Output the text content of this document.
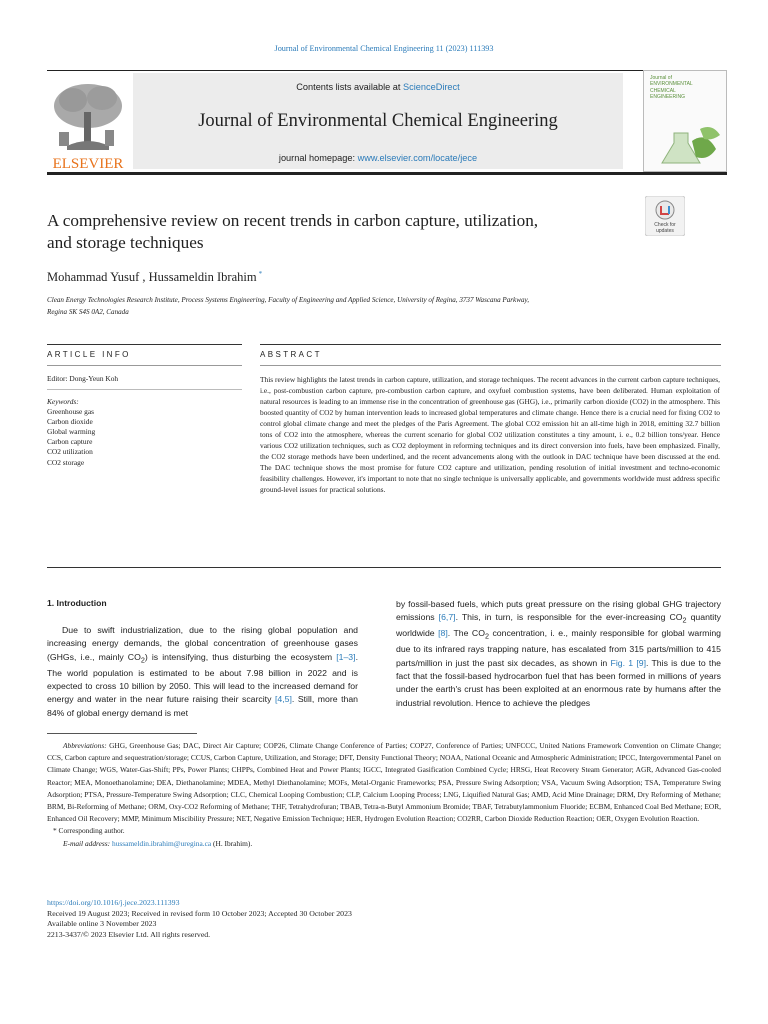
Journal of Environmental Chemical Engineering 11 (2023) 111393
ELSEVIER
Contents lists available at ScienceDirect
Journal of Environmental Chemical Engineering
journal homepage: www.elsevier.com/locate/jece
Journal of
ENVIRONMENTAL
CHEMICAL
ENGINEERING
A comprehensive review on recent trends in carbon capture, utilization,
and storage techniques
Check for
updates
Mohammad Yusuf , Hussameldin Ibrahim *
Clean Energy Technologies Research Institute, Process Systems Engineering, Faculty of Engineering and Applied Science, University of Regina, 3737 Wascana Parkway,
Regina SK S4S 0A2, Canada
ARTICLE INFO	ABSTRACT
Editor: Dong-Yeun Koh
Keywords:
Greenhouse gas
Carbon dioxide
Global warming
Carbon capture
CO2 utilization
CO2 storage
This review highlights the latest trends in carbon capture, utilization, and storage techniques. The recent advances in the current carbon capture techniques, i.e., post-combustion carbon capture, pre-combustion carbon capture, and oxyfuel combustion systems, have been deliberated. Human exploitation of natural resources is leading to an immense rise in the concentration of greenhouse gas (GHG), i.e., primarily carbon dioxide (CO2) in the atmosphere. This boosted quantity of CO2 by human intervention leads to increased global temperatures and climate change. Hence there is a crucial need for fixing CO2 to control global climate change and meet the pledges of the Paris Agreement. The global CO2 emission hit an all-time high in 2018, emitting 32.7 billion tons of CO2 into the atmosphere, whereas the current scenario for global CO2 utilization constitutes a tiny amount, i. e., 0.2 billion tons/year. Hence various CO2 utilization techniques, such as CO2 deployment in reforming techniques and its direct conversion into fuels, have been emphasized. Finally, the CO2 storage methods have been underlined, and the recent advancements along with the outlook in DAC technique have been discussed at the end. The DAC technique shows the most promise for future CO2 capture and utilization, pending resolution of initial investment and techno-economic feasibility challenges. However, it's important to note that no single technique is universally applicable, and governments worldwide must address specific ground-level issues for practical solutions.
1. Introduction
Due to swift industrialization, due to the rising global population and increasing energy demands, the global concentration of greenhouse gases (GHGs, i.e., mainly $CO_2$) is intensifying, thus disturbing the ecosystem [1–3]. The world population is estimated to be about 7.98 billion in 2022 and is expected to cross 10 billion by 2050. This will lead to the increased demand for energy and water in the near future raising their scarcity [4,5]. Still, more than 84% of global energy demand is met
by fossil-based fuels, which puts great pressure on the rising global GHG trajectory emissions [6,7]. This, in turn, is responsible for the ever-increasing $CO_2$ quantity worldwide [8]. The $CO_2$ concentration, i. e., mainly responsible for global warming due to its infrared rays trapping nature, has escalated from 315 parts/million to 415 parts/million in just the past six decades, as shown in Fig. 1 [9]. This is due to the fact that the fossil-based hydrocarbon fuel that has been formed in millions of years under the earth's crust has been exploited at an enormous rate by humans after the industrial revolution. Hence to achieve the pledges
Abbreviations: GHG, Greenhouse Gas; DAC, Direct Air Capture; COP26, Climate Change Conference of Parties; COP27, Conference of Parties; UNFCCC, United Nations Framework Convention on Climate Change; CCS, Carbon capture and sequestration/storage; CCUS, Carbon Capture, Utilization, and Storage; DFT, Density Functional Theory; NOAA, National Oceanic and Atmospheric Administration; IPCC, Intergovernmental Panel on Climate Change; WGS, Water-Gas-Shift; PPs, Power Plants; CHPPs, Combined Heat and Power Plants; IGCC, Integrated Gasification Combined Cycle; HRSG, Heat Recovery Steam Generator; AGR, Advanced Gas-cooled Reactor; MEA, Monoethanolamine; DEA, Diethanolamine; MDEA, Methyl Diethanolamine; MOFs, Metal-Organic Frameworks; PSA, Pressure Swing Adsorption; VSA, Vacuum Swing Adsorption; TSA, Temperature Swing Adsorption; PTSA, Pressure-Temperature Swing Adsorption; CLC, Chemical Looping Combustion; CLP, Calcium Looping Process; LNG, Liquified Natural Gas; AMD, Acid Mine Drainage; DRM, Dry Reforming of Methane; BRM, Bi-Reforming of Methane; ORM, Oxy-CO2 Reforming of Methane; THF, Tetrahydrofuran; TBAB, Tetra-n-Butyl Ammonium Bromide; TBAF, Tetrabutylammonium Fluoride; ECBM, Enhanced Coal Bed Methane; EOR, Enhanced Oil Recovery; MMP, Minimum Miscibility Pressure; NET, Negative Emission Technique; HER, Hydrogen Evolution Reaction; CO2RR, Carbon Dioxide Reduction Reaction; OER, Oxygen Evolution Reaction.
* Corresponding author.
E-mail address: hussameldin.ibrahim@uregina.ca (H. Ibrahim).
https://doi.org/10.1016/j.jece.2023.111393
Received 19 August 2023; Received in revised form 10 October 2023; Accepted 30 October 2023
Available online 3 November 2023
2213-3437/© 2023 Elsevier Ltd. All rights reserved.
